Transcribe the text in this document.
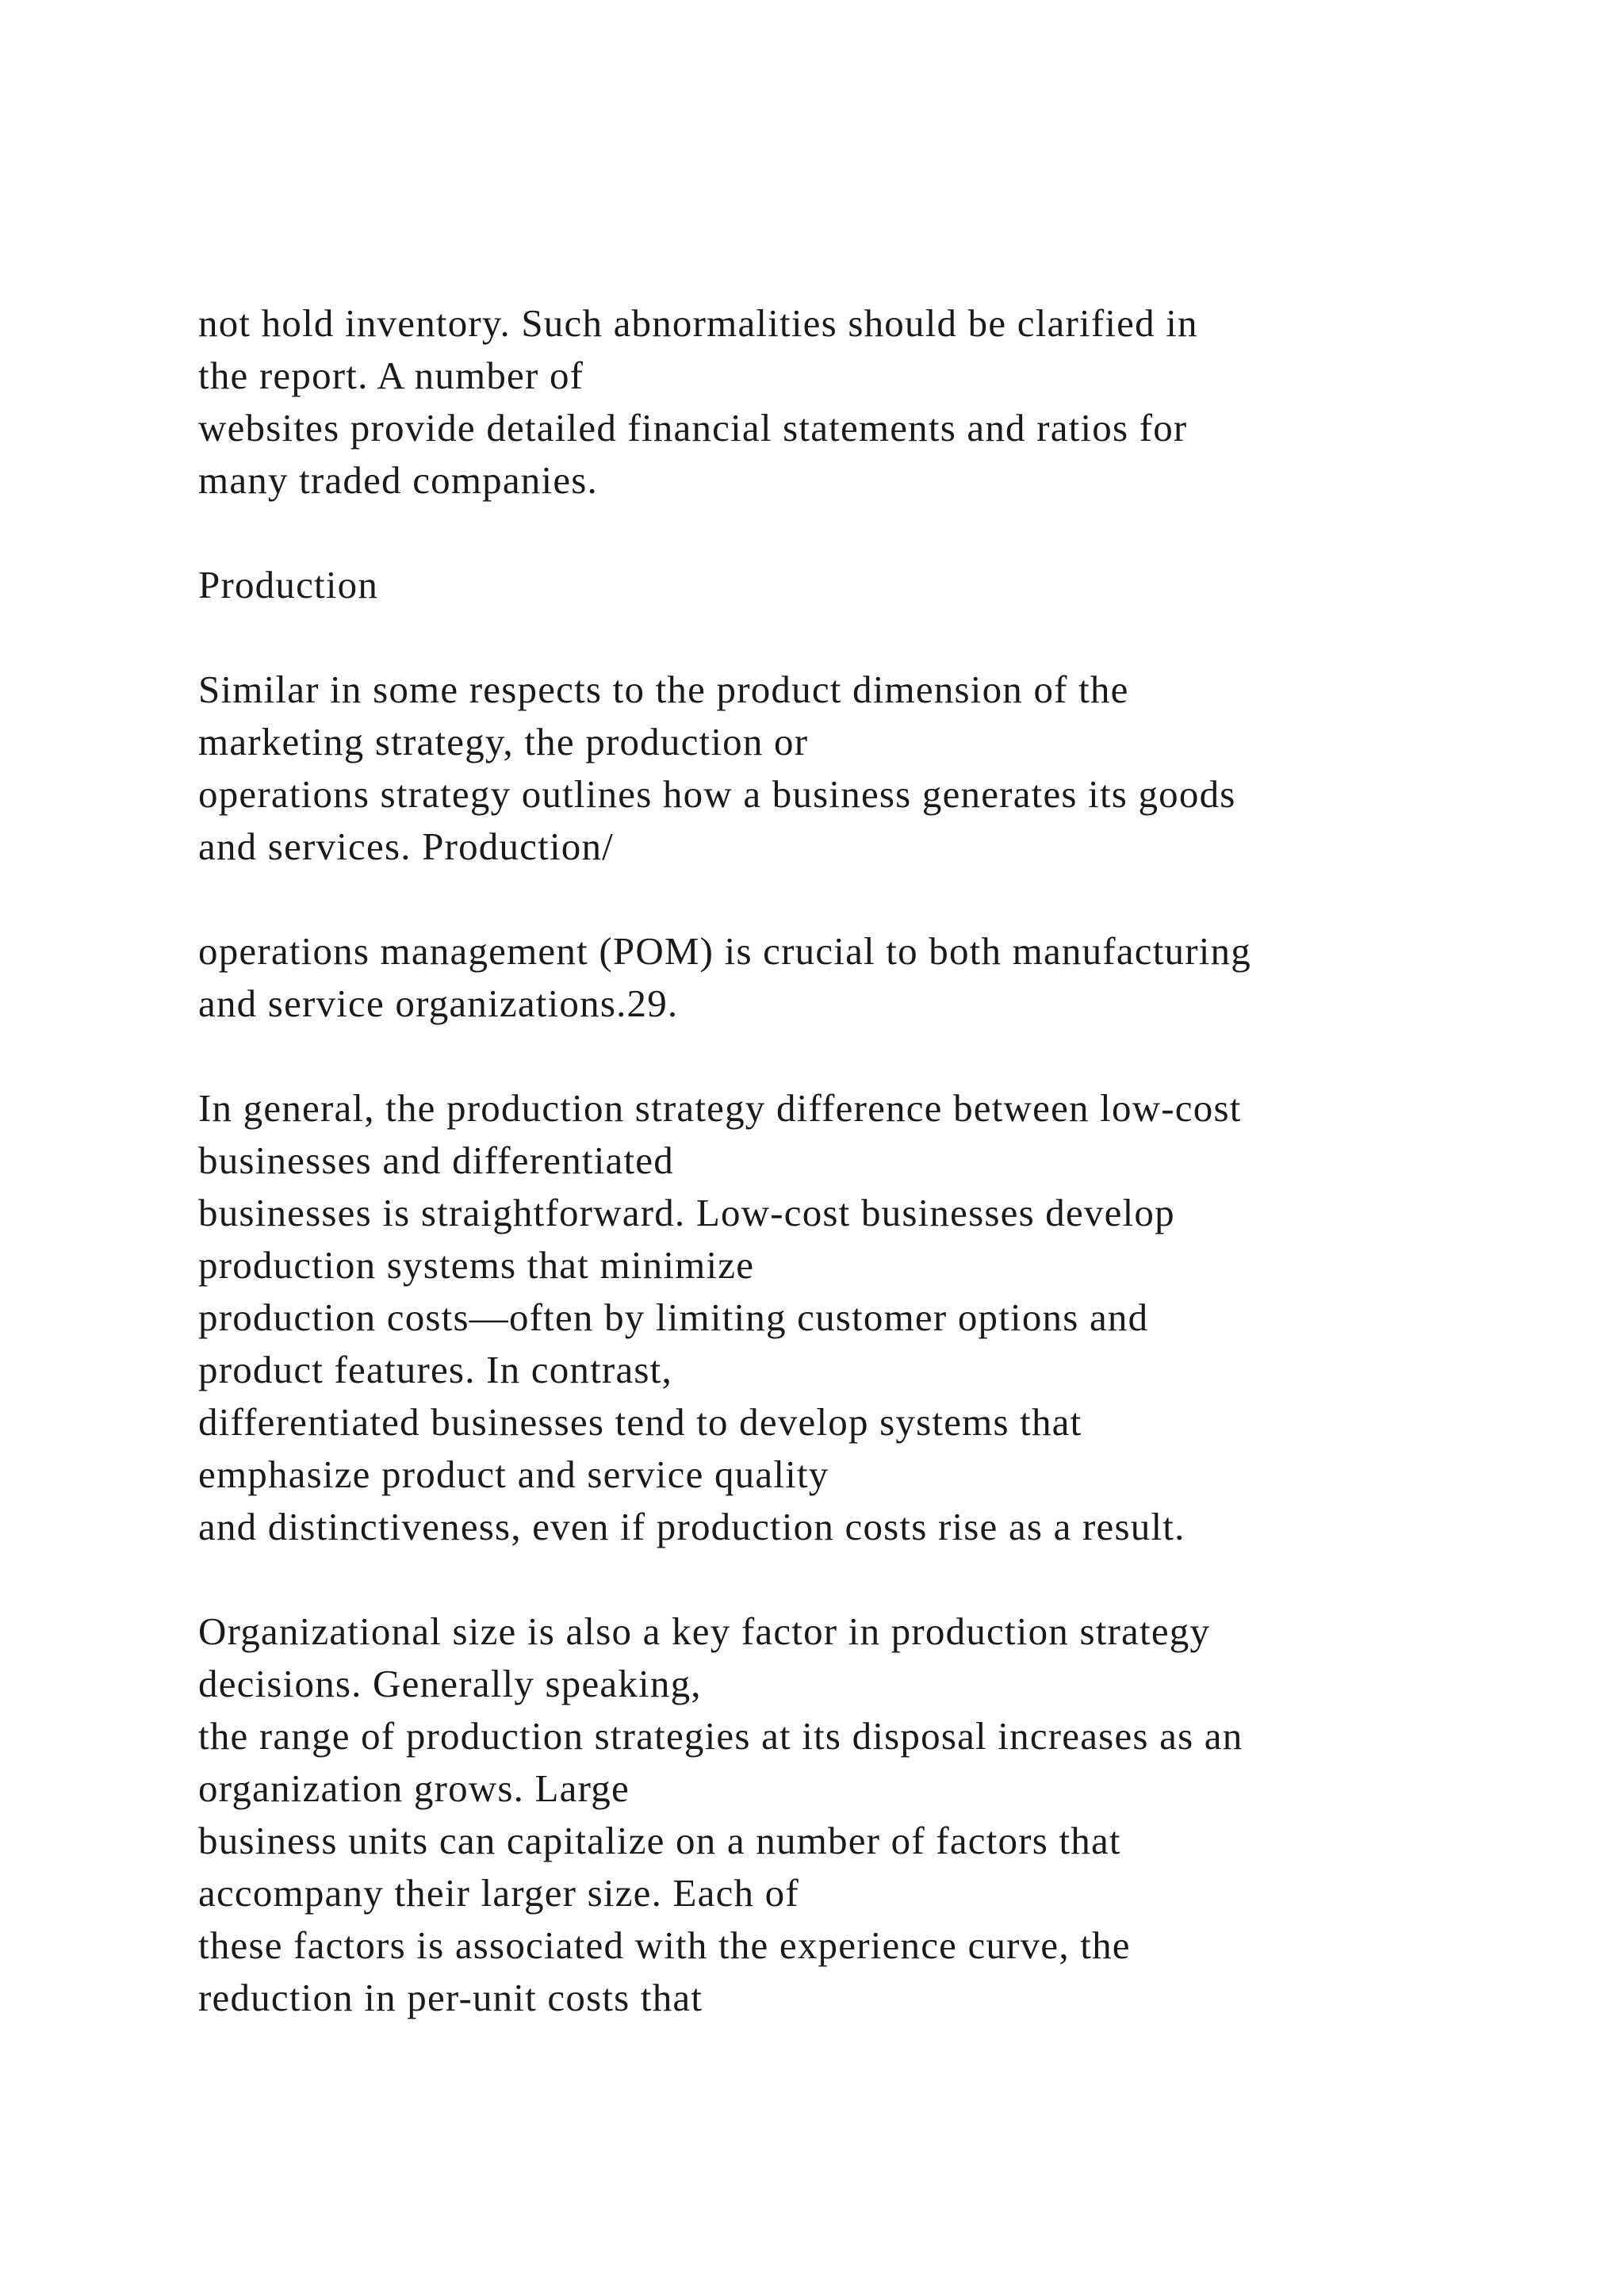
not hold inventory. Such abnormalities should be clarified in
the report. A number of
websites provide detailed financial statements and ratios for
many traded companies.
Production
Similar in some respects to the product dimension of the
marketing strategy, the production or
operations strategy outlines how a business generates its goods
and services. Production/
operations management (POM) is crucial to both manufacturing
and service organizations.29.
In general, the production strategy difference between low-cost
businesses and differentiated
businesses is straightforward. Low-cost businesses develop
production systems that minimize
production costs—often by limiting customer options and
product features. In contrast,
differentiated businesses tend to develop systems that
emphasize product and service quality
and distinctiveness, even if production costs rise as a result.
Organizational size is also a key factor in production strategy
decisions. Generally speaking,
the range of production strategies at its disposal increases as an
organization grows. Large
business units can capitalize on a number of factors that
accompany their larger size. Each of
these factors is associated with the experience curve, the
reduction in per-unit costs that
